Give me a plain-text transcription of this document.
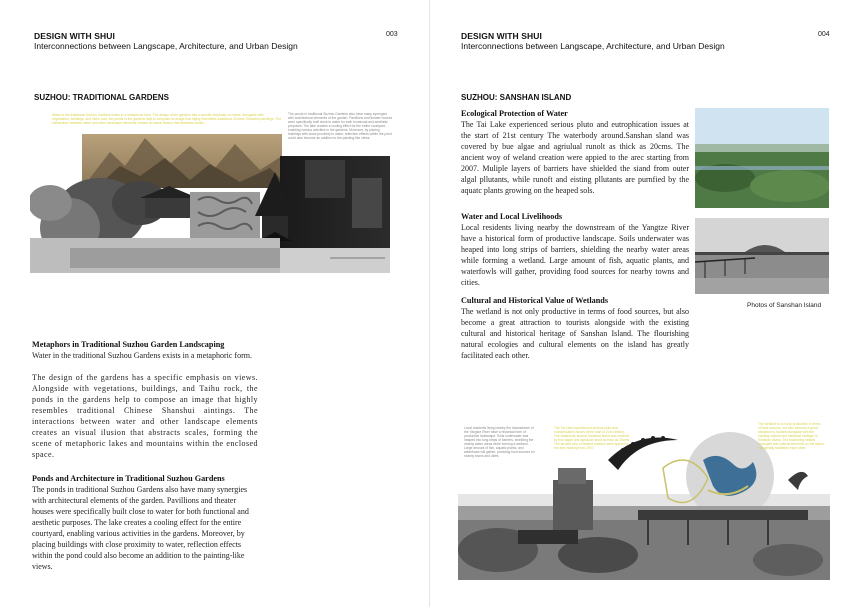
DESIGN WITH SHUI
Interconnections between Langscape, Architecture, and Urban Design
003
SUZHOU: TRADITIONAL GARDENS
Water in the traditional Suzhou Gardens exists in a metaphoric form. The design of the gardens has a specific emphasis on views. Alongside with vegetations, buildings, and Taihu rock, the ponds in the gardens help to compose an image that highly resembles traditional Chinese Shanshui paintings. The interactions between water and other landscape elements creates an visual illusion that abstracts scales.
The ponds in traditional Suzhou Gardens also have many synergies with architectural elements of the garden. Pavillions and theater houses were specifically built close to water for both functional and aesthetic purposes. The lake creates a cooling effect for the entire courtyard, enabling various activities in the gardens. Moreover, by placing buildings with close proximity to water, reflection effects within the pond could also become an addition to the painting-like views.

Metaphors in Traditional Suzhou Garden Landscaping

Water in the traditional Suzhou Gardens exists in a metaphoric form.

The design of the gardens has a specific emphasis on views. Alongside with vegetations, buildings, and Taihu rock, the ponds in the gardens help to compose an image that highly resembles traditional Chinese Shanshui aintings. The interactions between water and other landscape elements creates an visual ilusion that abstracts scales, forming the scene of metaphoric lakes and mountains within the enclosed space.

Ponds and Architecture in Traditional Suzhou Gardens

The ponds in traditional Suzhou Gardens also have many synergies with architectural elements of the garden. Pavillions and theater houses were specifically built close to water for both functional and aesthetic purposes. The lake creates a cooling effect for the entire courtyard, enabling various activities in the gardens. Moreover, by placing buildings with close proximity to water, reflection effects within the pond could also become an addition to the painting-like views.

DESIGN WITH SHUI
Interconnections between Langscape, Architecture, and Urban Design
004
SUZHOU: SANSHAN ISLAND

Ecological Protection of Water

The Tai Lake experienced serious pluto and eutrophication issues at the start of 21st century The waterbody around.Sanshan sland was covered by bue algae and agriulual runolt as thick as 20cms. The ancient woy of weland creation were appied to the arec starting from 2007. Muliple layers of barriers have shielded the siand from outer algal pllutants, while runoft and eisting pllutants are purnfied by the aquatc plants growing on the heaped sols.

Water and Local Livelihoods

Local residents living nearby the downstream of the Yangtze River have a historical form of productive landscape. Soils underwater was heaped into long strips of barriers, shielding the nearby water areas while forming a wetland. Large amount of fish, aquatic plants, and waterfowls will gather, providing food sources for nearby towns and cities.

Cultural and Historical Value of Wetlands

The wetland is not only productive in terms of food sources, but also become a great attraction to tourists alongside with the existing cultural and historical heritage of Sanshan Island. The flourishing natural ecologies and cultural elements on the island has greatly facilitated each other.

Photos of Sanshan Island
Local residents living nearby the downstream of the Yangtze River have a historical form of productive landscape. Soils underwater was heaped into long strips of barriers, shielding the nearby water areas while forming a wetland. Large amount of fish, aquatic plants, and waterfowls will gather, providing food sources for nearby towns and cities.
The Tai Lake experienced serious pluto and eutrophication issues at the start of 21st century. The waterbody around Sanshan sland was covered by bue algae and agriulual runolt as thick as 20cms. The ancient woy of weland creation were appied to the arec starting from 2007.
The wetland is not only productive in terms of food sources, but also become a great attraction to tourists alongside with the existing cultural and historical heritage of Sanshan Island. The flourishing natural ecologies and cultural elements on the island has greatly facilitated each other.
